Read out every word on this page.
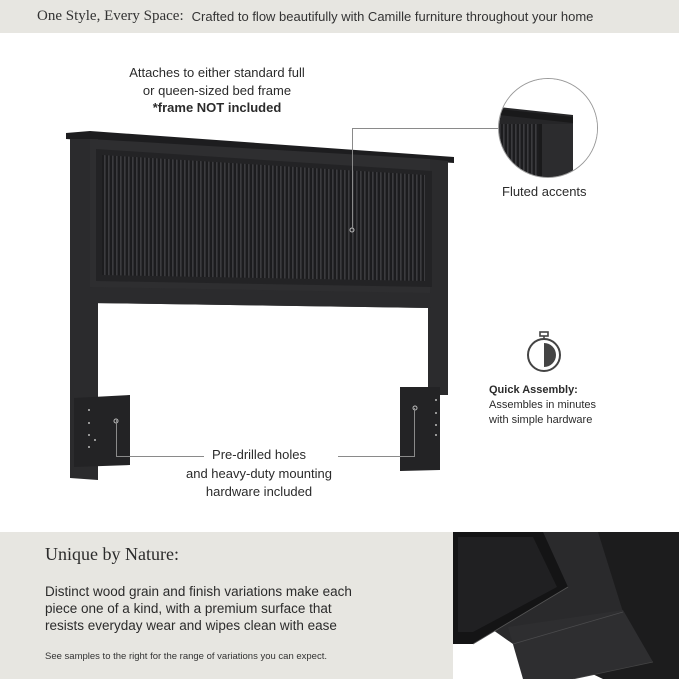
One Style, Every Space: Crafted to flow beautifully with Camille furniture throughout your home
Attaches to either standard full
or queen-sized bed frame
*frame NOT included
Fluted accents
Quick Assembly:
Assembles in minutes
with simple hardware
Pre-drilled holes
and heavy-duty mounting
hardware included
Unique by Nature:
Distinct wood grain and finish variations make each
piece one of a kind, with a premium surface that
resists everyday wear and wipes clean with ease
See samples to the right for the range of variations you can expect.
